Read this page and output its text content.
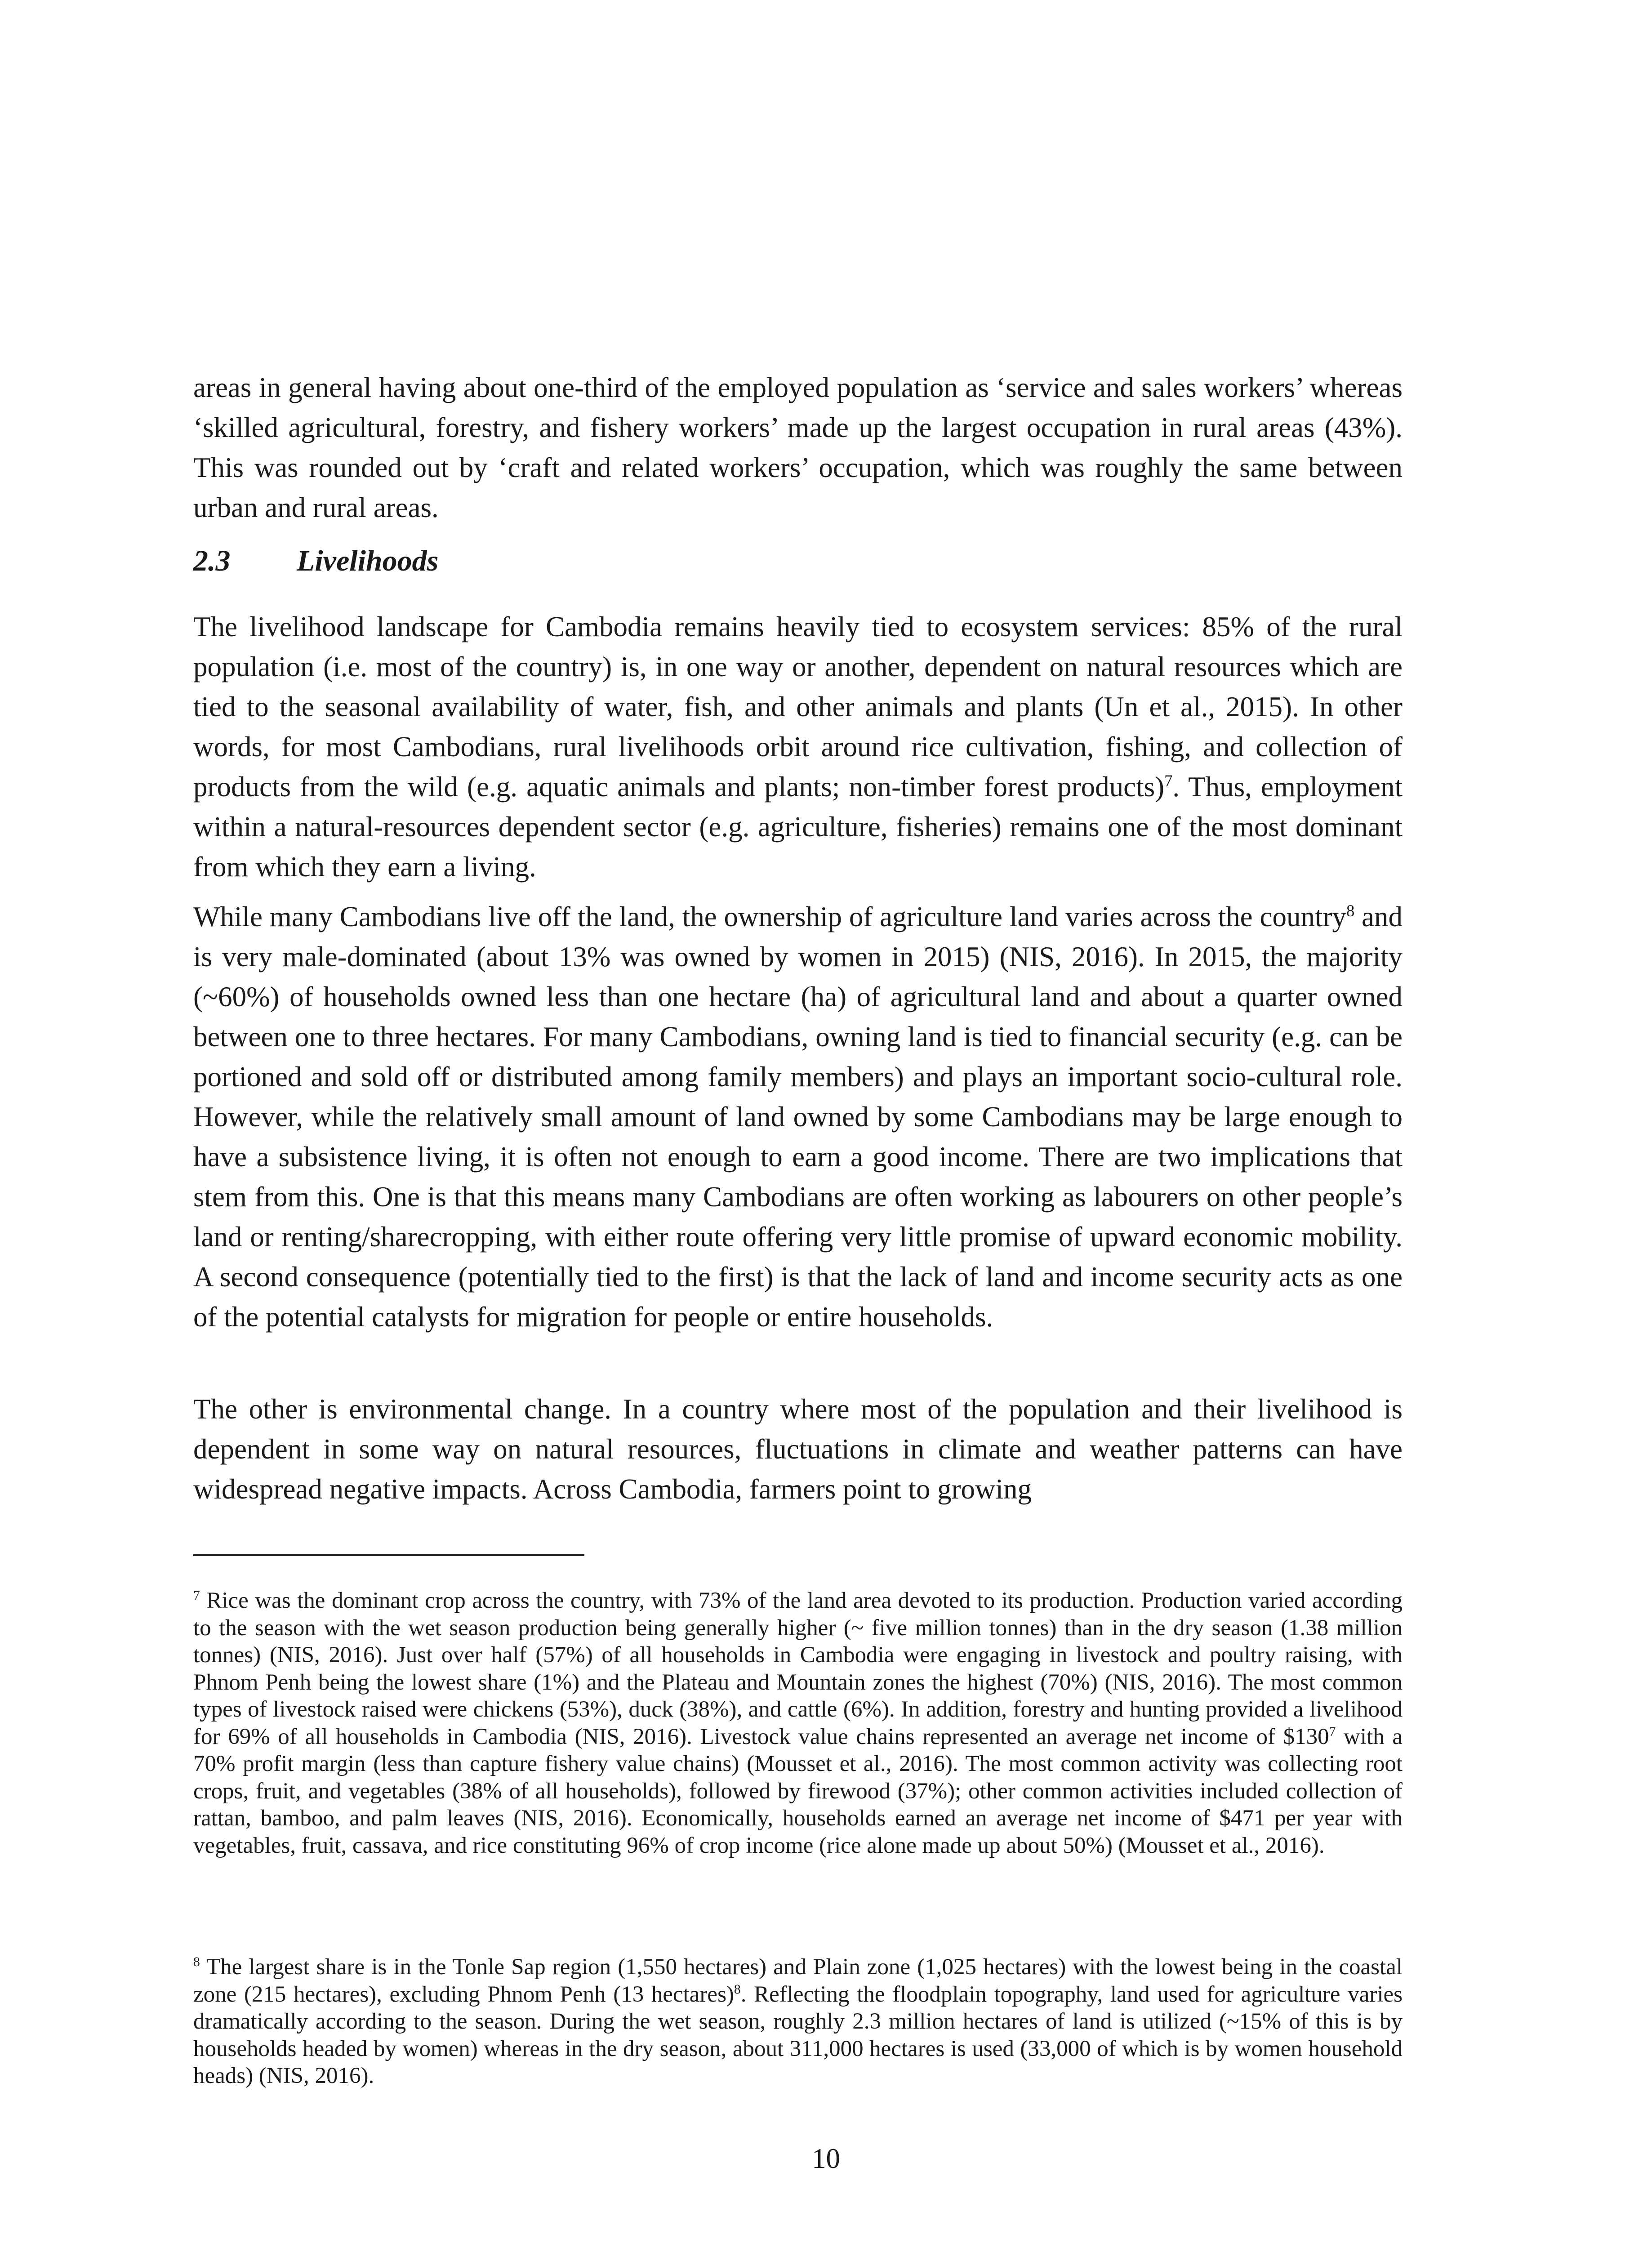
areas in general having about one-third of the employed population as ‘service and sales workers’ whereas ‘skilled agricultural, forestry, and fishery workers’ made up the largest occupation in rural areas (43%). This was rounded out by ‘craft and related workers’ occupation, which was roughly the same between urban and rural areas.

2.3 Livelihoods

The livelihood landscape for Cambodia remains heavily tied to ecosystem services: 85% of the rural population (i.e. most of the country) is, in one way or another, dependent on natural resources which are tied to the seasonal availability of water, fish, and other animals and plants (Un et al., 2015). In other words, for most Cambodians, rural livelihoods orbit around rice cultivation, fishing, and collection of products from the wild (e.g. aquatic animals and plants; non-timber forest products)$^7$. Thus, employment within a natural-resources dependent sector (e.g. agriculture, fisheries) remains one of the most dominant from which they earn a living.

While many Cambodians live off the land, the ownership of agriculture land varies across the country$^8$ and is very male-dominated (about 13% was owned by women in 2015) (NIS, 2016). In 2015, the majority (~60%) of households owned less than one hectare (ha) of agricultural land and about a quarter owned between one to three hectares. For many Cambodians, owning land is tied to financial security (e.g. can be portioned and sold off or distributed among family members) and plays an important socio-cultural role. However, while the relatively small amount of land owned by some Cambodians may be large enough to have a subsistence living, it is often not enough to earn a good income. There are two implications that stem from this. One is that this means many Cambodians are often working as labourers on other people’s land or renting/sharecropping, with either route offering very little promise of upward economic mobility. A second consequence (potentially tied to the first) is that the lack of land and income security acts as one of the potential catalysts for migration for people or entire households.

The other is environmental change. In a country where most of the population and their livelihood is dependent in some way on natural resources, fluctuations in climate and weather patterns can have widespread negative impacts. Across Cambodia, farmers point to growing

$^7$ Rice was the dominant crop across the country, with 73% of the land area devoted to its production. Production varied according to the season with the wet season production being generally higher (~ five million tonnes) than in the dry season (1.38 million tonnes) (NIS, 2016). Just over half (57%) of all households in Cambodia were engaging in livestock and poultry raising, with Phnom Penh being the lowest share (1%) and the Plateau and Mountain zones the highest (70%) (NIS, 2016). The most common types of livestock raised were chickens (53%), duck (38%), and cattle (6%). In addition, forestry and hunting provided a livelihood for 69% of all households in Cambodia (NIS, 2016). Livestock value chains represented an average net income of $\$130^7$ with a 70% profit margin (less than capture fishery value chains) (Mousset et al., 2016). The most common activity was collecting root crops, fruit, and vegetables (38% of all households), followed by firewood (37%); other common activities included collection of rattan, bamboo, and palm leaves (NIS, 2016). Economically, households earned an average net income of $471 per year with vegetables, fruit, cassava, and rice constituting 96% of crop income (rice alone made up about 50%) (Mousset et al., 2016).

$^8$ The largest share is in the Tonle Sap region (1,550 hectares) and Plain zone (1,025 hectares) with the lowest being in the coastal zone (215 hectares), excluding Phnom Penh (13 hectares)$^8$. Reflecting the floodplain topography, land used for agriculture varies dramatically according to the season. During the wet season, roughly 2.3 million hectares of land is utilized (~15% of this is by households headed by women) whereas in the dry season, about 311,000 hectares is used (33,000 of which is by women household heads) (NIS, 2016).

10
